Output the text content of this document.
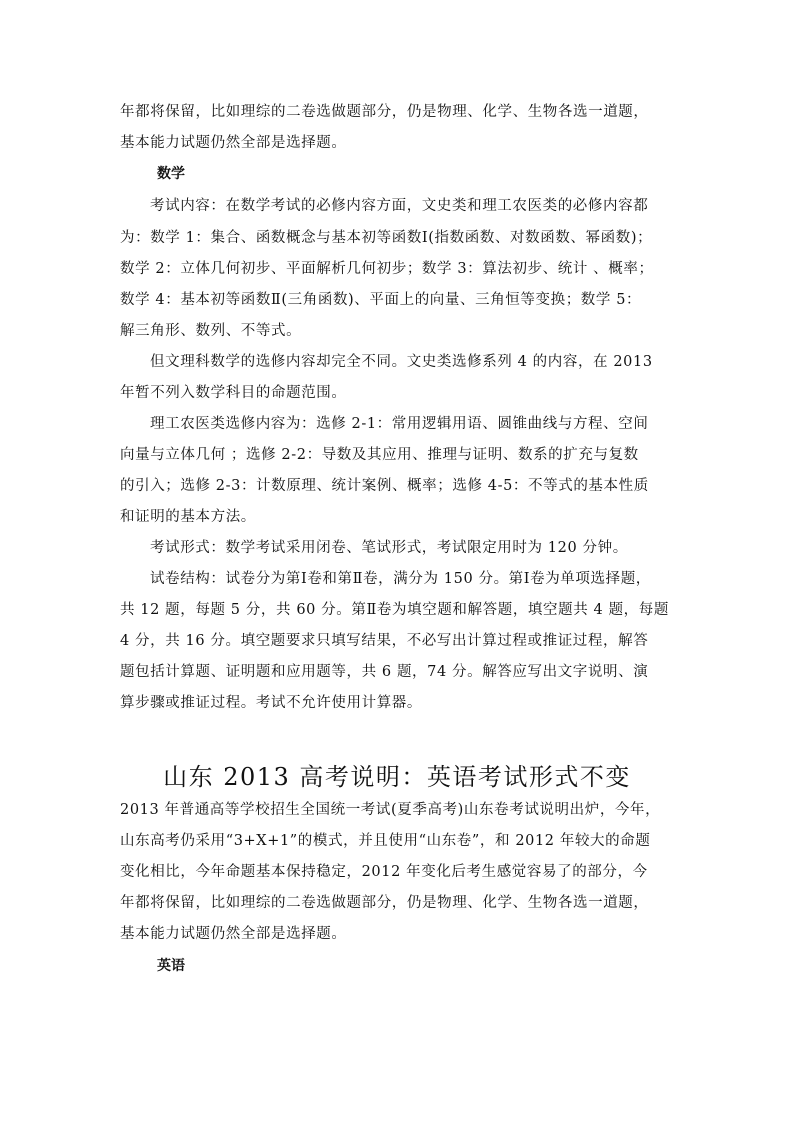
年都将保留，比如理综的二卷选做题部分，仍是物理、化学、生物各选一道题，
基本能力试题仍然全部是选择题。
数学
考试内容：在数学考试的必修内容方面，文史类和理工农医类的必修内容都
为：数学 1：集合、函数概念与基本初等函数Ⅰ(指数函数、对数函数、幂函数)；
数学 2：立体几何初步、平面解析几何初步；数学 3：算法初步、统计 、概率；
数学 4：基本初等函数Ⅱ(三角函数)、平面上的向量、三角恒等变换；数学 5：
解三角形、数列、不等式。
但文理科数学的选修内容却完全不同。文史类选修系列 4 的内容，在 2013
年暂不列入数学科目的命题范围。
理工农医类选修内容为：选修 2-1：常用逻辑用语、圆锥曲线与方程、空间
向量与立体几何 ；选修 2-2：导数及其应用、推理与证明、数系的扩充与复数
的引入；选修 2-3：计数原理、统计案例、概率；选修 4-5：不等式的基本性质
和证明的基本方法。
考试形式：数学考试采用闭卷、笔试形式，考试限定用时为 120 分钟。
试卷结构：试卷分为第Ⅰ卷和第Ⅱ卷，满分为 150 分。第Ⅰ卷为单项选择题，
共 12 题，每题 5 分，共 60 分。第Ⅱ卷为填空题和解答题，填空题共 4 题，每题
4 分，共 16 分。填空题要求只填写结果，不必写出计算过程或推证过程，解答
题包括计算题、证明题和应用题等，共 6 题，74 分。解答应写出文字说明、演
算步骤或推证过程。考试不允许使用计算器。
山东 2013 高考说明：英语考试形式不变
2013 年普通高等学校招生全国统一考试(夏季高考)山东卷考试说明出炉，今年，
山东高考仍采用“3+X+1”的模式，并且使用“山东卷”，和 2012 年较大的命题
变化相比，今年命题基本保持稳定，2012 年变化后考生感觉容易了的部分，今
年都将保留，比如理综的二卷选做题部分，仍是物理、化学、生物各选一道题，
基本能力试题仍然全部是选择题。
英语
